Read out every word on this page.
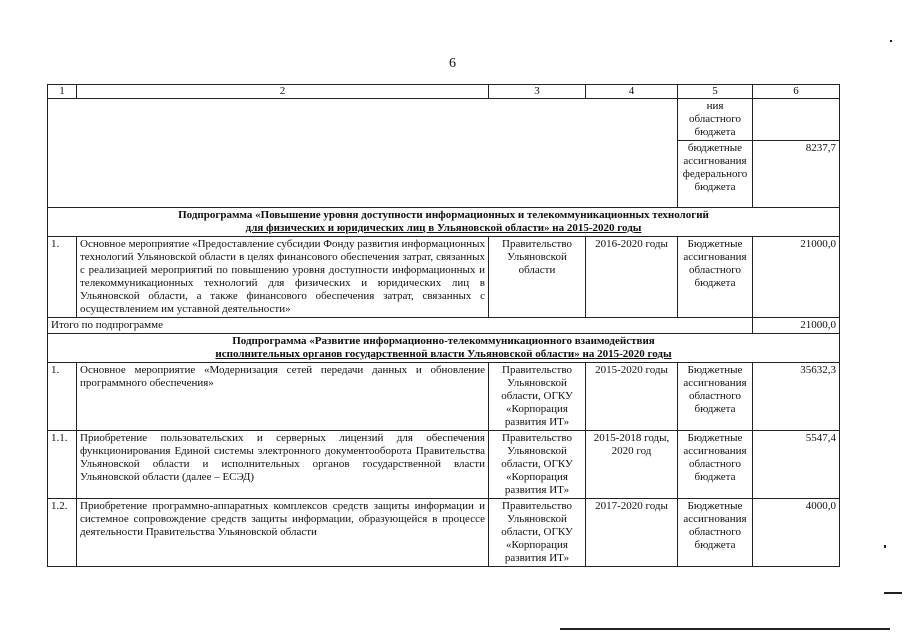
6
1	2	3	4	5	6
				ния областного бюджета	
				бюджетные ассигнования федерального бюджета	8237,7

Подпрограмма «Повышение уровня доступности информационных и телекоммуникационных технологий
для физических и юридических лиц в Ульяновской области» на 2015-2020 годы					

1.	Основное мероприятие «Предоставление субсидии Фонду развития информационных технологий Ульяновской области в целях финансового обеспечения затрат, связанных с реализацией мероприятий по повышению уровня доступности информационных и телекоммуникационных технологий для физических и юридических лиц в Ульяновской области, а также финансового обеспечения затрат, связанных с осуществлением им уставной деятельности»	Правительство Ульяновской области	2016-2020 годы	Бюджетные ассигнования областного бюджета	21000,0
Итого по подпрограмме					21000,0

Подпрограмма «Развитие информационно-телекоммуникационного взаимодействия
исполнительных органов государственной власти Ульяновской области» на 2015-2020 годы					

1.	Основное мероприятие «Модернизация сетей передачи данных и обновление программного обеспечения»	Правительство Ульяновской области, ОГКУ «Корпорация развития ИТ»	2015-2020 годы	Бюджетные ассигнования областного бюджета	35632,3
1.1.	Приобретение пользовательских и серверных лицензий для обеспечения функционирования Единой системы электронного документооборота Правительства Ульяновской области и исполнительных органов государственной власти Ульяновской области (далее – ЕСЭД)	Правительство Ульяновской области, ОГКУ «Корпорация развития ИТ»	2015-2018 годы, 2020 год	Бюджетные ассигнования областного бюджета	5547,4
1.2.	Приобретение программно-аппаратных комплексов средств защиты информации и системное сопровождение средств защиты информации, образующейся в процессе деятельности Правительства Ульяновской области	Правительство Ульяновской области, ОГКУ «Корпорация развития ИТ»	2017-2020 годы	Бюджетные ассигнования областного бюджета	4000,0
